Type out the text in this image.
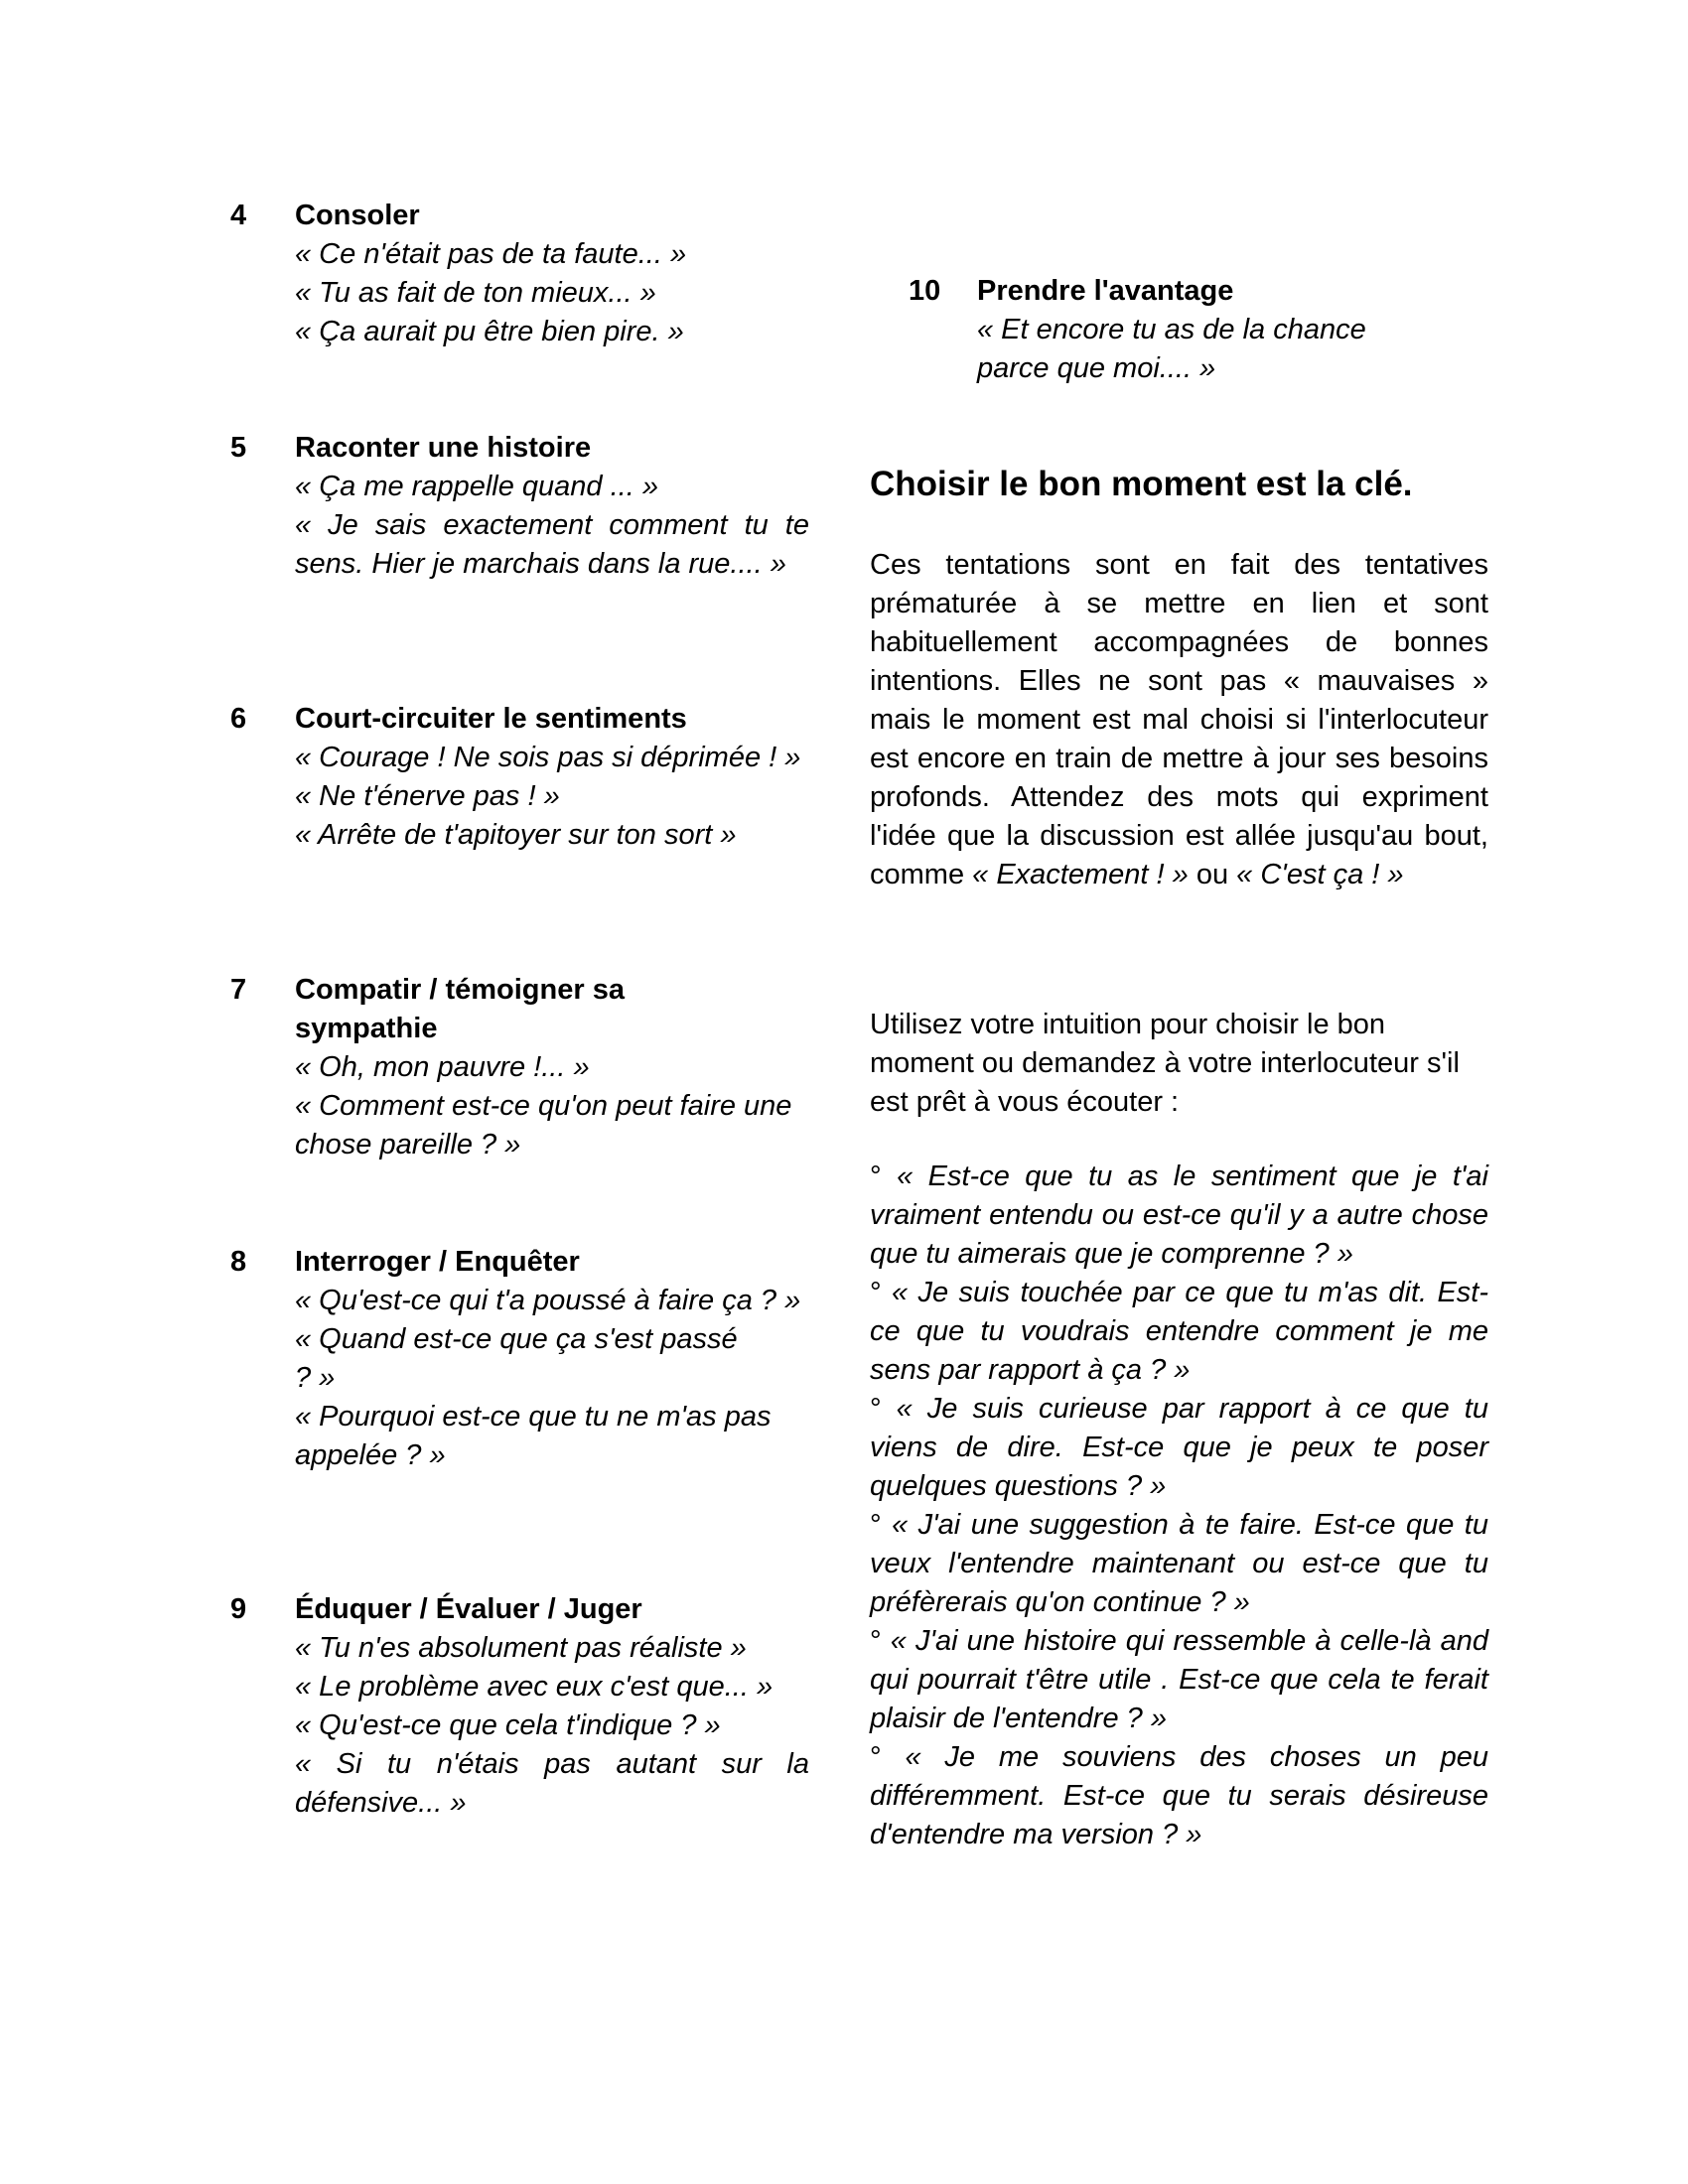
4 Consoler

« Ce n'était pas de ta faute... »

« Tu as fait de ton mieux... »

« Ça aurait pu être bien pire. »

5 Raconter une histoire

« Ça me rappelle quand ... »

« Je sais exactement comment tu te sens. Hier je marchais dans la rue.... »

6 Court-circuiter le sentiments

« Courage ! Ne sois pas si déprimée ! »

« Ne t'énerve pas ! »

« Arrête de t'apitoyer sur ton sort »

7 Compatir / témoigner sa sympathie

« Oh, mon pauvre !... »

« Comment est-ce qu'on peut faire une chose pareille ? »

8 Interroger / Enquêter

« Qu'est-ce qui t'a poussé à faire ça ? »

« Quand est-ce que ça s'est passé ? »

« Pourquoi est-ce que tu ne m'as pas appelée ? »

9 Éduquer / Évaluer / Juger

« Tu n'es absolument pas réaliste »

« Le problème avec eux c'est que... »

« Qu'est-ce que cela t'indique ? »

« Si tu n'étais pas autant sur la défensive... »

10 Prendre l'avantage

« Et encore tu as de la chance parce que moi.... »

Choisir le bon moment est la clé.

Ces tentations sont en fait des tentatives prématurée à se mettre en lien et sont habituellement accompagnées de bonnes intentions. Elles ne sont pas « mauvaises » mais le moment est mal choisi si l'interlocuteur est encore en train de mettre à jour ses besoins profonds. Attendez des mots qui expriment l'idée que la discussion est allée jusqu'au bout, comme « Exactement ! » ou « C'est ça ! »

Utilisez votre intuition pour choisir le bon moment ou demandez à votre interlocuteur s'il est prêt à vous écouter :

° « Est-ce que tu as le sentiment que je t'ai vraiment entendu ou est-ce qu'il y a autre chose que tu aimerais que je comprenne ? »
° « Je suis touchée par ce que tu m'as dit. Est-ce que tu voudrais entendre comment je me sens par rapport à ça ? »
° « Je suis curieuse par rapport à ce que tu viens de dire. Est-ce que je peux te poser quelques questions ? »
° « J'ai une suggestion à te faire. Est-ce que tu veux l'entendre maintenant ou est-ce que tu préfèrerais qu'on continue ? »
° « J'ai une histoire qui ressemble à celle-là and qui pourrait t'être utile . Est-ce que cela te ferait plaisir de l'entendre ? »
° « Je me souviens des choses un peu différemment. Est-ce que tu serais désireuse d'entendre ma version ? »
